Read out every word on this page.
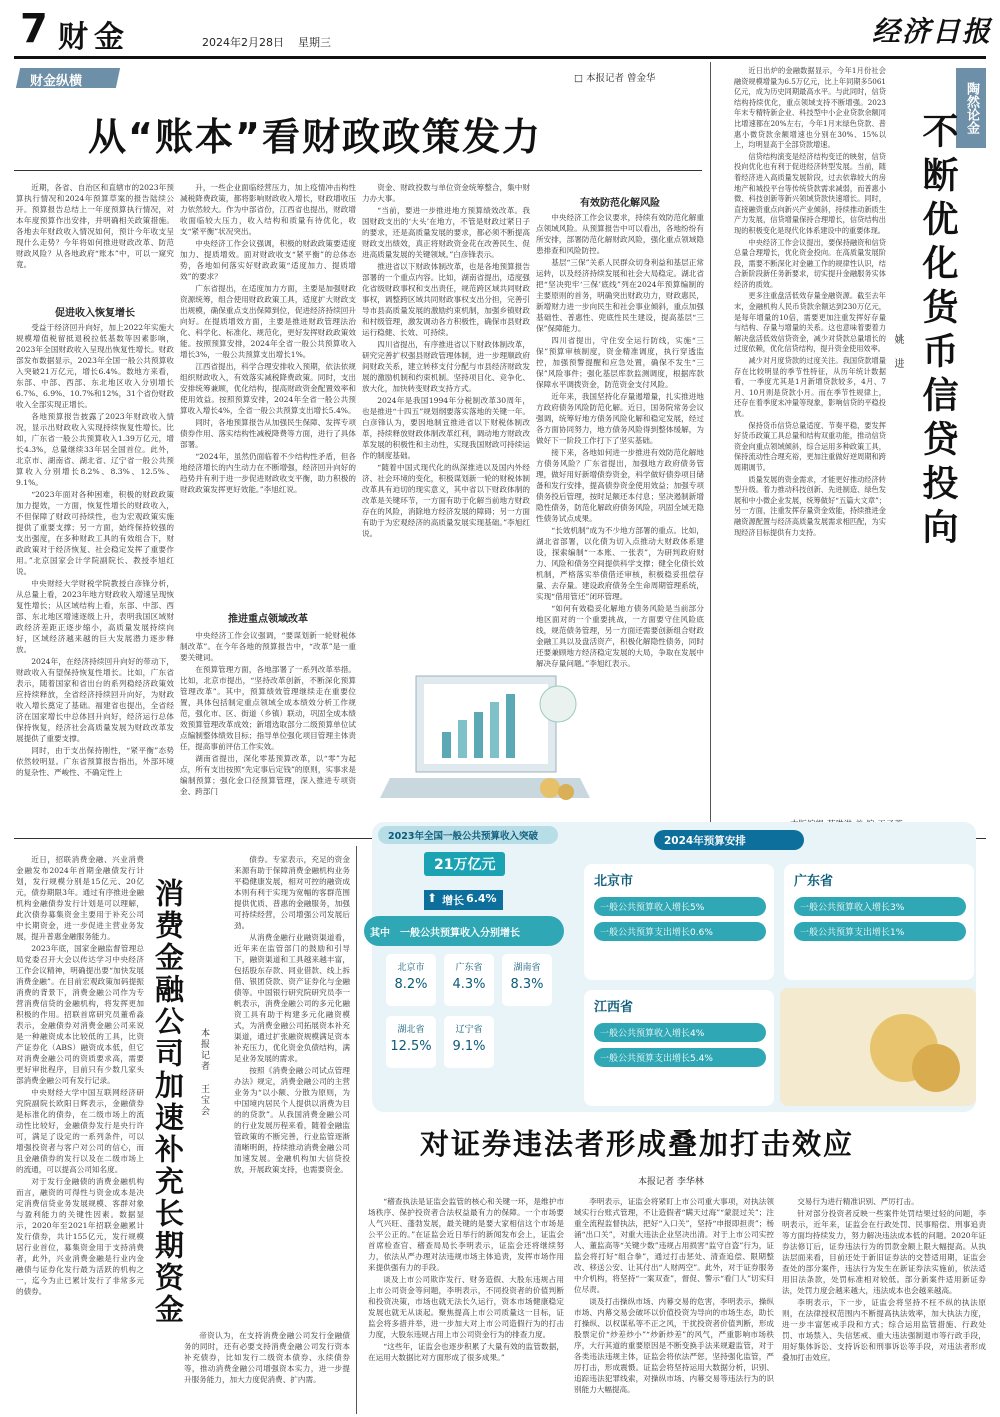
7 财金	2024年2月28日 星期三	经济日报
财金纵横	□ 本报记者 曾金华
从“账本”看财政政策发力

近期，各省、自治区和直辖市的2023年预算执行情况和2024年预算草案的报告陆续公开。预算报告总结上一年度预算执行情况，对本年度预算作出安排，并明确相关政策措施。各地去年财政收入情况如何，预计今年收支呈现什么走势？今年将如何推进财政改革、防范财政风险？从各地政府“账本”中，可以一窥究竟。

促进收入恢复增长

受益于经济回升向好，加上2022年实施大规模增值税留抵退税拉低基数等因素影响，2023年全国财政收入呈现出恢复性增长。财政部发布数据显示，2023年全国一般公共预算收入突破21万亿元，增长6.4%。数地方来看，东部、中部、西部、东北地区收入分别增长6.7%、6.9%、10.7%和12%，31个省份财政收入全部实现正增长。

各地预算报告披露了2023年财政收入情况，显示出财政收入实现持续恢复性增长。比如，广东省一般公共预算收入1.39万亿元，增长4.3%，总量继续33年居全国首位。此外，北京市、湖南省、湖北省、辽宁省一般公共预算收入分别增长8.2%、8.3%、12.5%、9.1%。

“2023年面对各种困难，积极的财政政策加力提效，一方面，恢复性增长的财政收入，不但保障了财政可持续性，也为宏观政策实施提供了重要支撑；另一方面，始终保持较强的支出强度，在多种财政工具的有效组合下，财政政策对于经济恢复、社会稳定发挥了重要作用。”北京国家会计学院副院长、教授李旭红说。

中央财经大学财税学院教授白彦锋分析，从总量上看，2023年地方财政收入增速呈现恢复性增长；从区域结构上看，东部、中部、西部、东北地区增速逐级上升，表明我国区域财政经济差距正逐步缩小，高质量发展持续向好，区域经济越来越的巨大发展潜力逐步释放。

2024年，在经济持续回升向好的带动下，财政收入有望保持恢复性增长。比如，广东省表示，随着国家和省出台的系列稳经济政策效应持续释放，全省经济持续回升向好，为财政收入增长奠定了基础。福建省也提出，全省经济在国家增长中总体回升向好，经济运行总体保持恢复，经济社会高质量发展为财政改革发展提供了重要支撑。

同时，由于支出保持刚性，“紧平衡”态势依然较明显。广东省预算报告指出，外部环境的复杂性、严峻性、不确定性上

升，一些企业面临经营压力，加上疫情冲击构性减税降费政策，都将影响财政收入增长，财政增收压力依然较大。作为中部省份，江西省也提出，财政增收面临较大压力，收入结构和质量有待优化，收支“紧平衡”状况突出。

中央经济工作会议强调，积极的财政政策要适度加力、提质增效。面对财政收支“紧平衡”的总体态势，各地如何落实好财政政策“适度加力、提质增效”的要求？

广东省提出，在适度加力方面，主要是加强财政资源统筹，组合使用财政政策工具，适度扩大财政支出规模，确保重点支出保障到位，促进经济持续回升向好。在提质增效方面，主要是推进财政管理法治化、科学化、标准化、规范化，更好发挥财政政策效能。按照预算安排，2024年全省一般公共预算收入增长3%，一般公共预算支出增长1%。

江西省提出，科学合理安排收入预期，依法依规组织财政收入，有效落实减税降费政策。同时，支出安排统筹兼顾，优化结构，提高财政资金配置效率和使用效益。按照预算安排，2024年全省一般公共预算收入增长4%，全省一般公共预算支出增长5.4%。

同时，各地预算报告从加强民生保障、发挥专项债券作用、落实结构性减税降费等方面，进行了具体部署。

“2024年，虽然仍面临着不少结构性矛盾，但各地经济增长的内生动力在不断增强，经济回升向好的趋势并有利于进一步促进财政收支平衡，助力积极的财政政策发挥更好效能。”李旭红说。

推进重点领域改革

中央经济工作会议强调，“要谋划新一轮财税体制改革”。在今年各地的预算报告中，“改革”是一重要关键词。

在预算管理方面，各地部署了一系列改革举措。比如，北京市提出，“坚持改革创新，不断深化预算管理改革”。其中，预算绩效管理继续走在重要位置，具体包括制定重点领域全成本绩效分析工作规范，强化市、区、街道（乡镇）联动，巩固全成本绩效预算管理改革成效；新增选取部分二级预算单位试点编制整体绩效目标；指导单位强化项目管理主体责任，提高事前评估工作实效。

湖南省提出，深化零基预算改革，以“零”为起点，所有支出按照“先定事后定钱”的原则，实事求是编制预算；强化金口径预算管理，深入推进专项资金、跨部门

资金、财政投数与单位资金统筹整合，集中财力办大事。

“当前，要进一步推进地方预算绩效改革。我国财政支出的‘大头’在地方，不管是财政过紧日子的要求，还是高质量发展的要求，都必须不断提高财政支出绩效，真正将财政资金花在改善民生、促进高质量发展的关键领域。”白彦锋表示。

推进省以下财政体制改革，也是各地预算报告部署的一个重点内容。比如，湖南省提出，适度强化省级财政事权和支出责任，规范跨区域共同财政事权，调整跨区域共同财政事权支出分担，完善引导市县高质量发展的激励约束机制，加强乡镇财政和村级管理，激发调动各方积极性，确保市县财政运行稳健、长效、可持续。

四川省提出，有序推进省以下财政体制改革，研究完善扩权强县财政管理体制，进一步理顺政府间财政关系，建立转移支付分配与市县经济财政发展的激励机制和约束机制。坚持项目化、竞争化、放大化，加快转变财政支持方式。

2024年是我国1994年分税制改革30周年，也是推进“十四五”规划纲要落实落地的关键一年。白彦锋认为，要因地制宜推进省以下财税体制改革，持续释放财政体制改革红利，调动地方财政改革发展的积极性和主动性，实现我国财政可持续运作的制度基础。

“随着中国式现代化的纵深推进以及国内外经济、社会环境的变化，积极谋划新一轮的财税体制改革具有迫切的现实意义，其中省以下财政体制的改革是关键环节，一方面有助于化解当前地方财政存在的风险，消除地方经济发展的障碍；另一方面有助于为宏观经济的高质量发展实现基础。”李旭红说。

有效防范化解风险

中央经济工作会议要求，持续有效防范化解重点领域风险。从预算报告中可以看出，各地纷纷有所安排，部署防范化解财政风险，强化重点领域隐患排查和风险防控。

基层“三保”关系人民群众切身利益和基层正常运转，以及经济持续发展和社会大局稳定。湖北省把“坚决兜牢‘三保’底线”列在2024年预算编制的主要原则的首务，明确突出财政功力，财政惠民，新增财力进一步向民生和社会事业倾斜，重点加强基础性、普惠性、兜底性民生建设，提高基层“三保”保障能力。

四川省提出，守住安全运行防线，实施“三保”预算审核制度，资金精准调度，执行穿透监控，加强预警提醒和应急处置，确保不发生“三保”风险事件；强化基层库款监测调度，根据库款保障水平调拨资金，防范资金支付风险。

近年来，我国坚持化存量遏增量，扎实推进地方政府债务风险防范化解。近日，国务院常务会议强调，统筹好地方债务风险化解和稳定发展，经过各方面协同努力，地方债务风险得到整体缓解，为做好下一阶段工作打下了坚实基础。

接下来，各地如何进一步推进有效防范化解地方债务风险？广东省提出，加强地方政府债务管理，做好用好新增债券资金，科学做好债券项目储备和发行安排，提高债券资金使用效益；加强专项债务投后管理，按时足额还本付息；坚决遏制新增隐性债务，防范化解政府债务风险，巩固全域无隐性债务试点成果。

“长效机制”成为不少地方部署的重点。比如，湖北省部署，以化债为切入点推动大财政体系建设，探索编制“一本账、一张表”，为研判政府财力、风险和债务空间提供科学支撑；健全化债长效机制，严格落实举债借还审核，积极稳妥扭偿存量、去存量。建设政府债务全生命周期管理系统，实现“借用管还”闭环管理。

“如何有效稳妥化解地方债务风险是当前部分地区面对的一个重要挑战，一方面要守住风险底线，规范债务管理，另一方面还需要创新组合财政金融工具以及盘活资产，积极化解隐性债务，同时还要兼顾地方经济稳定发展的大局，争取在发展中解决存量问题。”李旭红表示。

陶然论金
不断优化货币信贷投向
姚进

近日出炉的金融数据显示，今年1月份社会融资规模增量为6.5万亿元，比上年同期多5061亿元，成为历史同期最高水平。与此同时，信贷结构持续优化，重点领域支持不断增强。2023年末专精特新企业、科技型中小企业贷款余额同比增速都在20%左右，今年1月末绿色贷款、普惠小微贷款余额增速也分别在30%、15%以上，均明显高于全部贷款增速。

信贷结构演变是经济结构变迁的映射，信贷投向优化也有利于促进经济转型发展。当前，随着经济进入高质量发展阶段，过去依靠较大的房地产和城投平台等传统贷款需求减弱，而普惠小微、科技创新等新兴领域贷款快速增长。同时，直接融资重点向新兴产业倾斜，持续推动新质生产力发展，信贷增量保持合理增长，信贷结构出现的积极变化是现代化体系建设中的重要体现。

中央经济工作会议提出，要保持融资和信贷总量合理增长，优化资金投向。在高质量发展阶段，需要不断深化对金融工作的规律性认识，结合新阶段新任务新要求，切实提升金融服务实体经济的质效。

更多注重盘活低效存量金融资源。截至去年末，金融机构人民币贷款余额达到230万亿元，是每年增量的10倍，需要更加注重发挥好存量与结构、存量与增量的关系。这也意味着要着力解决盘活低效信贷资金，减少对贷款总量增长的过度依赖，优化信贷结构，提升资金使用效率。

减少对月度贷款的过度关注。我国贷款增量存在比较明显的季节性特征，从历年统计数据看，一季度尤其是1月新增贷款较多，4月、7月、10月则是贷款小月。而在季节性规律上，还存在着季度末冲量等现象，影响信贷的平稳投放。

保持货币信贷总量适度、节奏平稳，要发挥好货币政策工具总量和结构双重功能，推动信贷资金向重点领域倾斜，综合运用多种政策工具，保持流动性合理充裕，更加注重做好逆周期和跨周期调节。

质量发展的资金需求，才能更好推动经济转型升级。着力推动科技创新、先进制造、绿色发展和中小微企业发展，统筹做好“五篇大文章”；另一方面，注重发挥存量资金效能，持续推进金融资源配置与经济高质量发展需求相匹配，为实现经济目标提供有力支持。

2023年全国一般公共预算收入突破
21万亿元
⬆ 增长 6.4%
其中 一般公共预算收入分别增长
北京市
8.2%
广东省
4.3%
湖南省
8.3%
湖北省
12.5%
辽宁省
9.1%
2024年预算安排
北京市
一般公共预算收入增长5%
一般公共预算支出增长0.6%
广东省
一般公共预算收入增长3%
一般公共预算支出增长1%
江西省
一般公共预算收入增长4%
一般公共预算支出增长5.4%

近日，招联消费金融、兴业消费金融发布2024年首期金融债发行计划，发行规模分别是15亿元、20亿元，债券期限3年。通过有序推进金融机构金融债券发行计划是可以理解，此次债券募集资金主要用于补充公司中长期资金，进一步促进主营业务发展，提升普惠金融服务能力。

2023年底，国家金融监督管理总局党委召开大会以传达学习中央经济工作会议精神，明确提出要“加快发展消费金融”。在目前宏观政策加码提振消费的背景下，消费金融公司作为专营消费信贷的金融机构，将发挥更加积极的作用。招联首席研究员董希淼表示，金融债券对消费金融公司来说是一种融资成本比较低的工具，比资产证券化（ABS）融资成本低，但它对消费金融公司的资质要求高，需要更好审批程序，目前只有少数几家头部消费金融公司有发行记录。

中央财经大学中国互联网经济研究院副院长欧阳日辉表示，金融债券是标准化的债券，在二级市场上的流动性比较好，金融债券发行是央行许可，满足了设定的一系列条件，可以增强投资者与客户对公司的信心，而且金融债券的发行以及在二级市场上的流通，可以提高公司知名度。

对于发行金融债的消费金融机构而言，融资的可得性与资金成本是决定消费信贷业务发展规模、客群对象与盈利能力的关键性因素。数据显示，2020年至2021年招联金融累计发行债券，共计155亿元，发行规模居行业首位，募集资金用于支持消费者，此外，兴业消费金融是行业内金融债与证券化发行最为活跃的机构之一，迄今为止已累计发行了非常多元的债券。	消费金融公司加速补充长期资金	本报记者 王宝会

债券。专家表示，充足的资金来源有助于保障消费金融机构业务平稳健康发展，相对可控的融资成本则有利于实现为宽幅的客群范围提供优质、普惠的金融服务，加强可持续经营，公司增强公司发展后劲。

从消费金融行业融资渠道看，近年来在监管部门的鼓励和引导下，融资渠道和工具越来越丰富，包括股东存款、同业借款、线上拆借、银团贷款、资产证券化与金融债等。中国银行研究院研究员李一帆表示，消费金融公司的多元化融资工具有助于构建多元化融资模式，为消费金融公司拓展资本补充渠道，通过扩张融资规模满足资本补充压力，优化资金负债结构，满足业务发展的需求。

按照《消费金融公司试点管理办法》规定，消费金融公司的主营业务为“以小额、分散为原则，为中国境内居民个人提供以消费为目的的贷款”。从我国消费金融公司的行业发展历程来看，随着金融监管政策的不断完善，行业监管逐渐清晰明朗，持续推动消费金融公司加速发展。金融机构加大信贷投放，开展政策支持，也需要资金。

帝资认为，在支持消费金融公司发行金融债务的同时，还有必要支持消费金融公司发行资本补充债券，比如发行二级资本债券、永续债券等，推动消费金融公司增强资本实力，进一步提升服务能力，加大力度促消费、扩内需。

对证券违法者形成叠加打击效应
本报记者 李华林

“稽查执法是证监会监管的核心和关键一环，是维护市场秩序、保护投资者合法权益最有力的保障。一个市场要人气兴旺、蓬勃发展，最关键的是要大家相信这个市场是公平公正的。”在证监会近日举行的新闻发布会上，证监会首席检查官、稽查局局长李明表示，证监会还将继续努力，依法从严办理对法违规市场主体追责，发挥市场作用来提供强有力的手段。

谈及上市公司欺诈发行、财务造假、大股东违规占用上市公司资金等问题，李明表示，不同投资者的价值判断和投资决策，市场也就无法长久运行，资本市场健康稳定发展也就无从谈起。聚焦提高上市公司质量这一目标，证监会将多措并举，进一步加大对上市公司造假行为的打击力度，大股东违规占用上市公司资金行为的排查力度。

“这些年，证监会也逐步积累了大量有效的监管数据，在运用大数据比对方面形成了很多成果。”

李明表示，证监会将紧盯上市公司重大事项，对执法领域实行台账式管理，不让造假者“瞒天过海”“蒙混过关”；注重全流程监督执法，把好“入口关”，坚持“申报即担责”；杨涌“出口关”，对重大违法企业坚决出清。对于上市公司实控人、董监高等“关键少数”违规占用损害“监守自盗”行为，证监会将打好“组合拳”，通过打击惩处、清查追偿、限期整改、移送公安、让其付出“人财两空”。此外，对于证券服务中介机构，将坚持“一案双查”，督促、警示“看门人”切实归位尽责。

谈及打击操纵市场、内幕交易的危害，李明表示，操纵市场、内幕交易会破坏以价值投资为导向的市场生态，助长打操纵、以权谋私等不正之风，干扰投资者价值判断，形成股票定价“炒差炒小”“炒新炒差”的风气，严重影响市场秩序，大行其道的重要原因是不断变换手法来规避监管，对于各类违法违规主体，证监会将依法严惩，坚持强化监管，严厉打击，形成震慑。证监会将坚持运用大数据分析，识别、追踪违法犯罪线索，对操纵市场、内幕交易等违法行为的识别能力大幅提高。

交易行为进行精准识别、严厉打击。

针对部分投资者反映一些案件处罚结果过轻的问题，李明表示，近年来，证监会在行政处罚、民事赔偿、刑事追责等方面均持续发力，努力解决违法成本低的问题。2020年证券法修订后，证券违法行为的罚款金额上限大幅提高。从执法层面来看，目前还处于新旧证券法的交替适用期，证监会查处的部分案件，违法行为发生在新证券法实施前，依法适用旧法条款，处罚标准相对较低。部分新案件适用新证券法，处罚力度会越来越大，违法成本也会越来越高。

李明表示，下一步，证监会将坚持不枉不纵的执法原则，在法律授权范围内不断提高执法效率，加大执法力度，进一步丰富惩戒手段和方式；综合运用监管措施、行政处罚、市场禁入、失信惩戒、重大违法强制退市等行政手段，用好集体诉讼、支持诉讼和刑事诉讼等手段，对违法者形成叠加打击效应。
